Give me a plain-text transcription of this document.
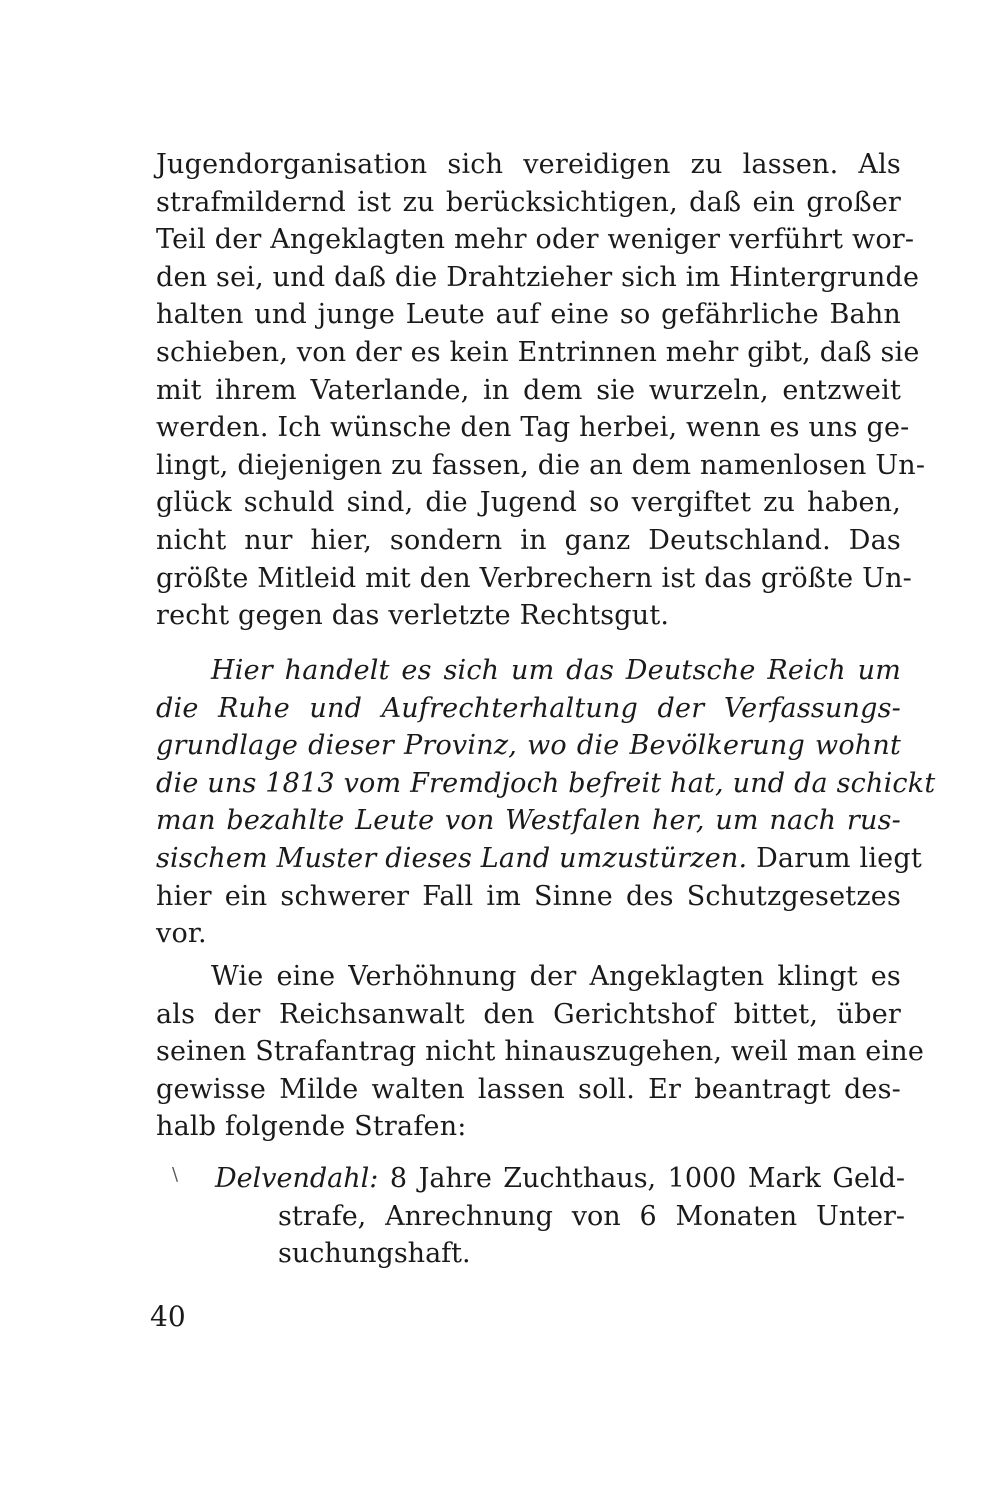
Jugendorganisation sich vereidigen zu lassen. Als
strafmildernd ist zu berücksichtigen, daß ein großer
Teil der Angeklagten mehr oder weniger verführt wor-
den sei, und daß die Drahtzieher sich im Hintergrunde
halten und junge Leute auf eine so gefährliche Bahn
schieben, von der es kein Entrinnen mehr gibt, daß sie
mit ihrem Vaterlande, in dem sie wurzeln, entzweit
werden. Ich wünsche den Tag herbei, wenn es uns ge-
lingt, diejenigen zu fassen, die an dem namenlosen Un-
glück schuld sind, die Jugend so vergiftet zu haben,
nicht nur hier, sondern in ganz Deutschland. Das
größte Mitleid mit den Verbrechern ist das größte Un-
recht gegen das verletzte Rechtsgut.
Hier handelt es sich um das Deutsche Reich um
die Ruhe und Aufrechterhaltung der Verfassungs-
grundlage dieser Provinz, wo die Bevölkerung wohnt
die uns 1813 vom Fremdjoch befreit hat, und da schickt
man bezahlte Leute von Westfalen her, um nach rus-
sischem Muster dieses Land umzustürzen. Darum liegt
hier ein schwerer Fall im Sinne des Schutzgesetzes
vor.
Wie eine Verhöhnung der Angeklagten klingt es
als der Reichsanwalt den Gerichtshof bittet, über
seinen Strafantrag nicht hinauszugehen, weil man eine
gewisse Milde walten lassen soll. Er beantragt des-
halb folgende Strafen:
\ Delvendahl: 8 Jahre Zuchthaus, 1000 Mark Geld-
strafe, Anrechnung von 6 Monaten Unter-
suchungshaft.
40
